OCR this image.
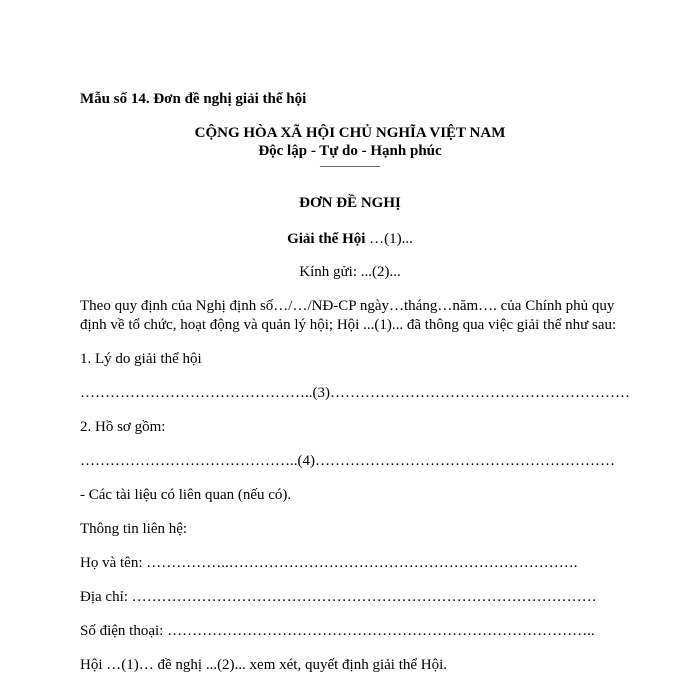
Mẫu số 14. Đơn đề nghị giải thể hội
CỘNG HÒA XÃ HỘI CHỦ NGHĨA VIỆT NAM
Độc lập - Tự do - Hạnh phúc
—————
ĐƠN ĐỀ NGHỊ
Giải thể Hội …(1)...
Kính gửi: ...(2)...
Theo quy định của Nghị định số…/…/NĐ-CP ngày…tháng…năm…. của Chính phủ quy
định về tổ chức, hoạt động và quản lý hội; Hội ...(1)... đã thông qua việc giải thể như sau:
1. Lý do giải thể hội
………………………………………..(3)……………………………………………………
2. Hồ sơ gồm:
……………………………………..(4)……………………………………………………
- Các tài liệu có liên quan (nếu có).
Thông tin liên hệ:
Họ và tên: ……………..…………………………………………………………….
Địa chỉ: …………………………………………………………………………………
Số điện thoại: …………………………………………………………………………..
Hội …(1)… đề nghị ...(2)... xem xét, quyết định giải thể Hội.
